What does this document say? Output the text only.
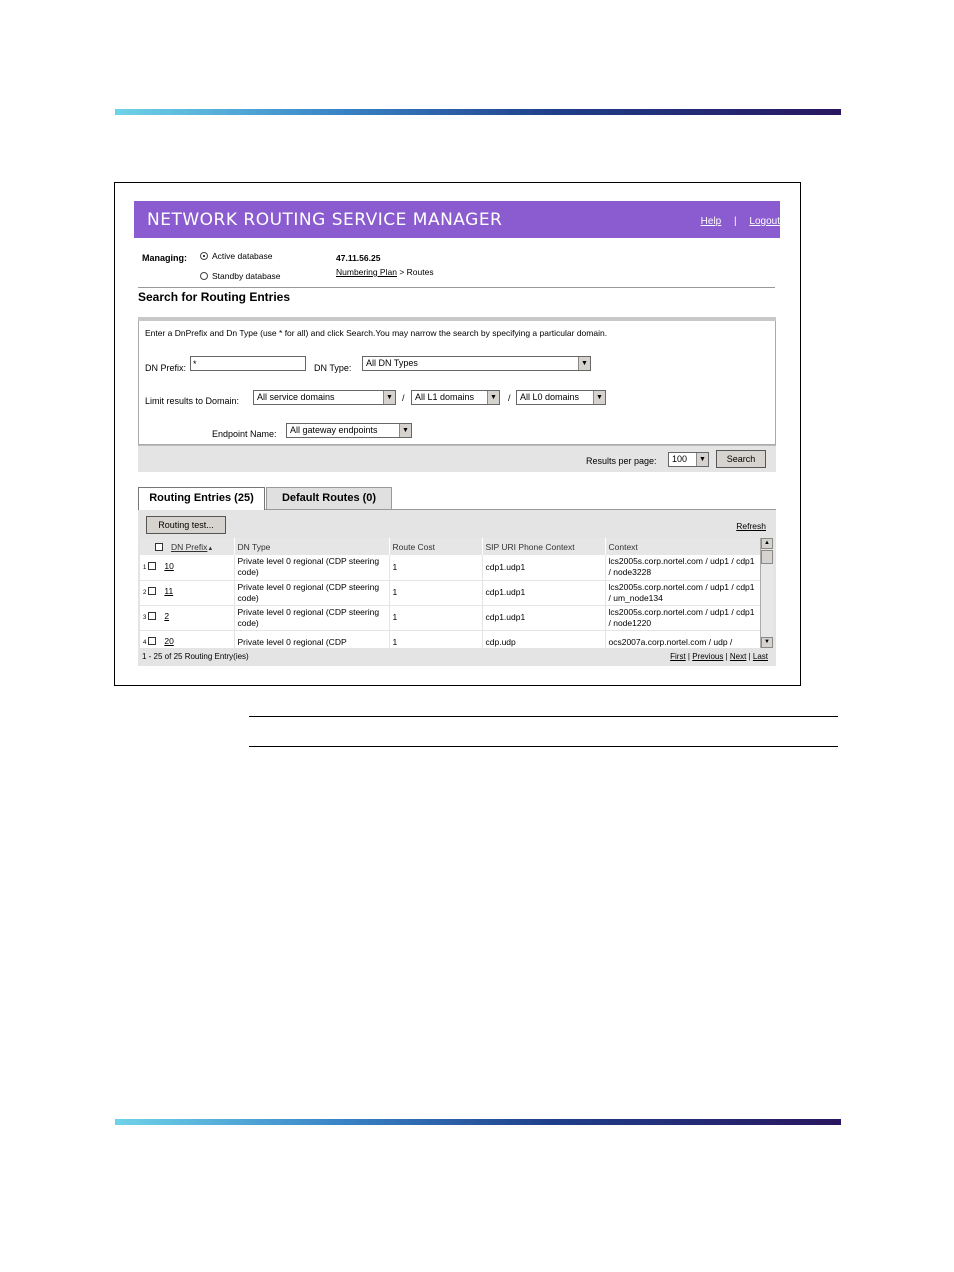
NETWORK ROUTING SERVICE MANAGER	Help | Logout
Managing:	Active database
Standby database
47.11.56.25
Numbering Plan > Routes
Search for Routing Entries
Enter a DnPrefix and Dn Type (use * for all) and click Search.You may narrow the search by specifying a particular domain.
DN Prefix:
*	DN Type:	All DN Types	▼
Limit results to Domain:	All service domains	▼ /	All L1 domains	▼ /	All L0 domains	▼
Endpoint Name:	All gateway endpoints	▼
Results per page:	100	▼	Search
Routing Entries (25)	Default Routes (0)
Routing test...	Refresh
DN Prefix▲	DN Type	Route Cost	SIP URI Phone Context	Context
1 10	Private level 0 regional (CDP steering code)	1	cdp1.udp1	lcs2005s.corp.nortel.com / udp1 / cdp1 / node3228
2 11	Private level 0 regional (CDP steering code)	1	cdp1.udp1	lcs2005s.corp.nortel.com / udp1 / cdp1 / um_node134
3 2	Private level 0 regional (CDP steering code)	1	cdp1.udp1	lcs2005s.corp.nortel.com / udp1 / cdp1 / node1220
4 20	Private level 0 regional (CDP	1	cdp.udp	ocs2007a.corp.nortel.com / udp /
▲
▼
1 - 25 of 25 Routing Entry(ies)	First | Previous | Next | Last
